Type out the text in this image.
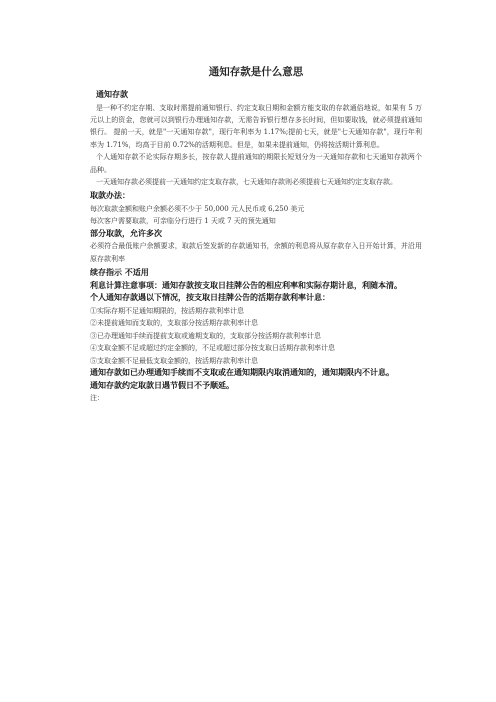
通知存款是什么意思
通知存款

是一种不约定存期、支取时需提前通知银行、约定支取日期和金额方能支取的存款通俗地说，如果有 5 万元以上的资金，您就可以到银行办理通知存款，无需告诉银行想存多长时间，但如要取钱，就必须提前通知银行。 提前一天，就是"一天通知存款"，现行年利率为 1.17%;提前七天，就是"七天通知存款"，现行年利率为 1.71%，均高于目前 0.72%的活期利息。但是，如果未提前通知，仍将按活期计算利息。

个人通知存款不论实际存期多长，按存款人提前通知的期限长短划分为一天通知存款和七天通知存款两个品种。

一天通知存款必须提前一天通知约定支取存款，七天通知存款则必须提前七天通知约定支取存款。

取款办法：

每次取款金额和账户余额必须不少于 50,000 元人民币或 6,250 美元

每次客户需要取款，可亲临分行进行 1 天或 7 天的预先通知

部分取款，允许多次

必须符合最低账户余额要求，取款后签发新的存款通知书，余额的利息将从原存款存入日开始计算，并沿用原存款利率

续存指示 不适用
利息计算注意事项：通知存款按支取日挂牌公告的相应利率和实际存期计息，利随本清。
个人通知存款遇以下情况，按支取日挂牌公告的活期存款利率计息：

①实际存期不足通知期限的，按活期存款利率计息

②未提前通知而支取的，支取部分按活期存款利率计息

③已办理通知手续而提前支取或逾期支取的，支取部分按活期存款利率计息

④支取金额不足或超过约定金额的，不足或超过部分按支取日活期存款利率计息

⑤支取金额不足最低支取金额的，按活期存款利率计息

通知存款如已办理通知手续而不支取或在通知期限内取消通知的，通知期限内不计息。
通知存款约定取款日遇节假日不予顺延。

注：
